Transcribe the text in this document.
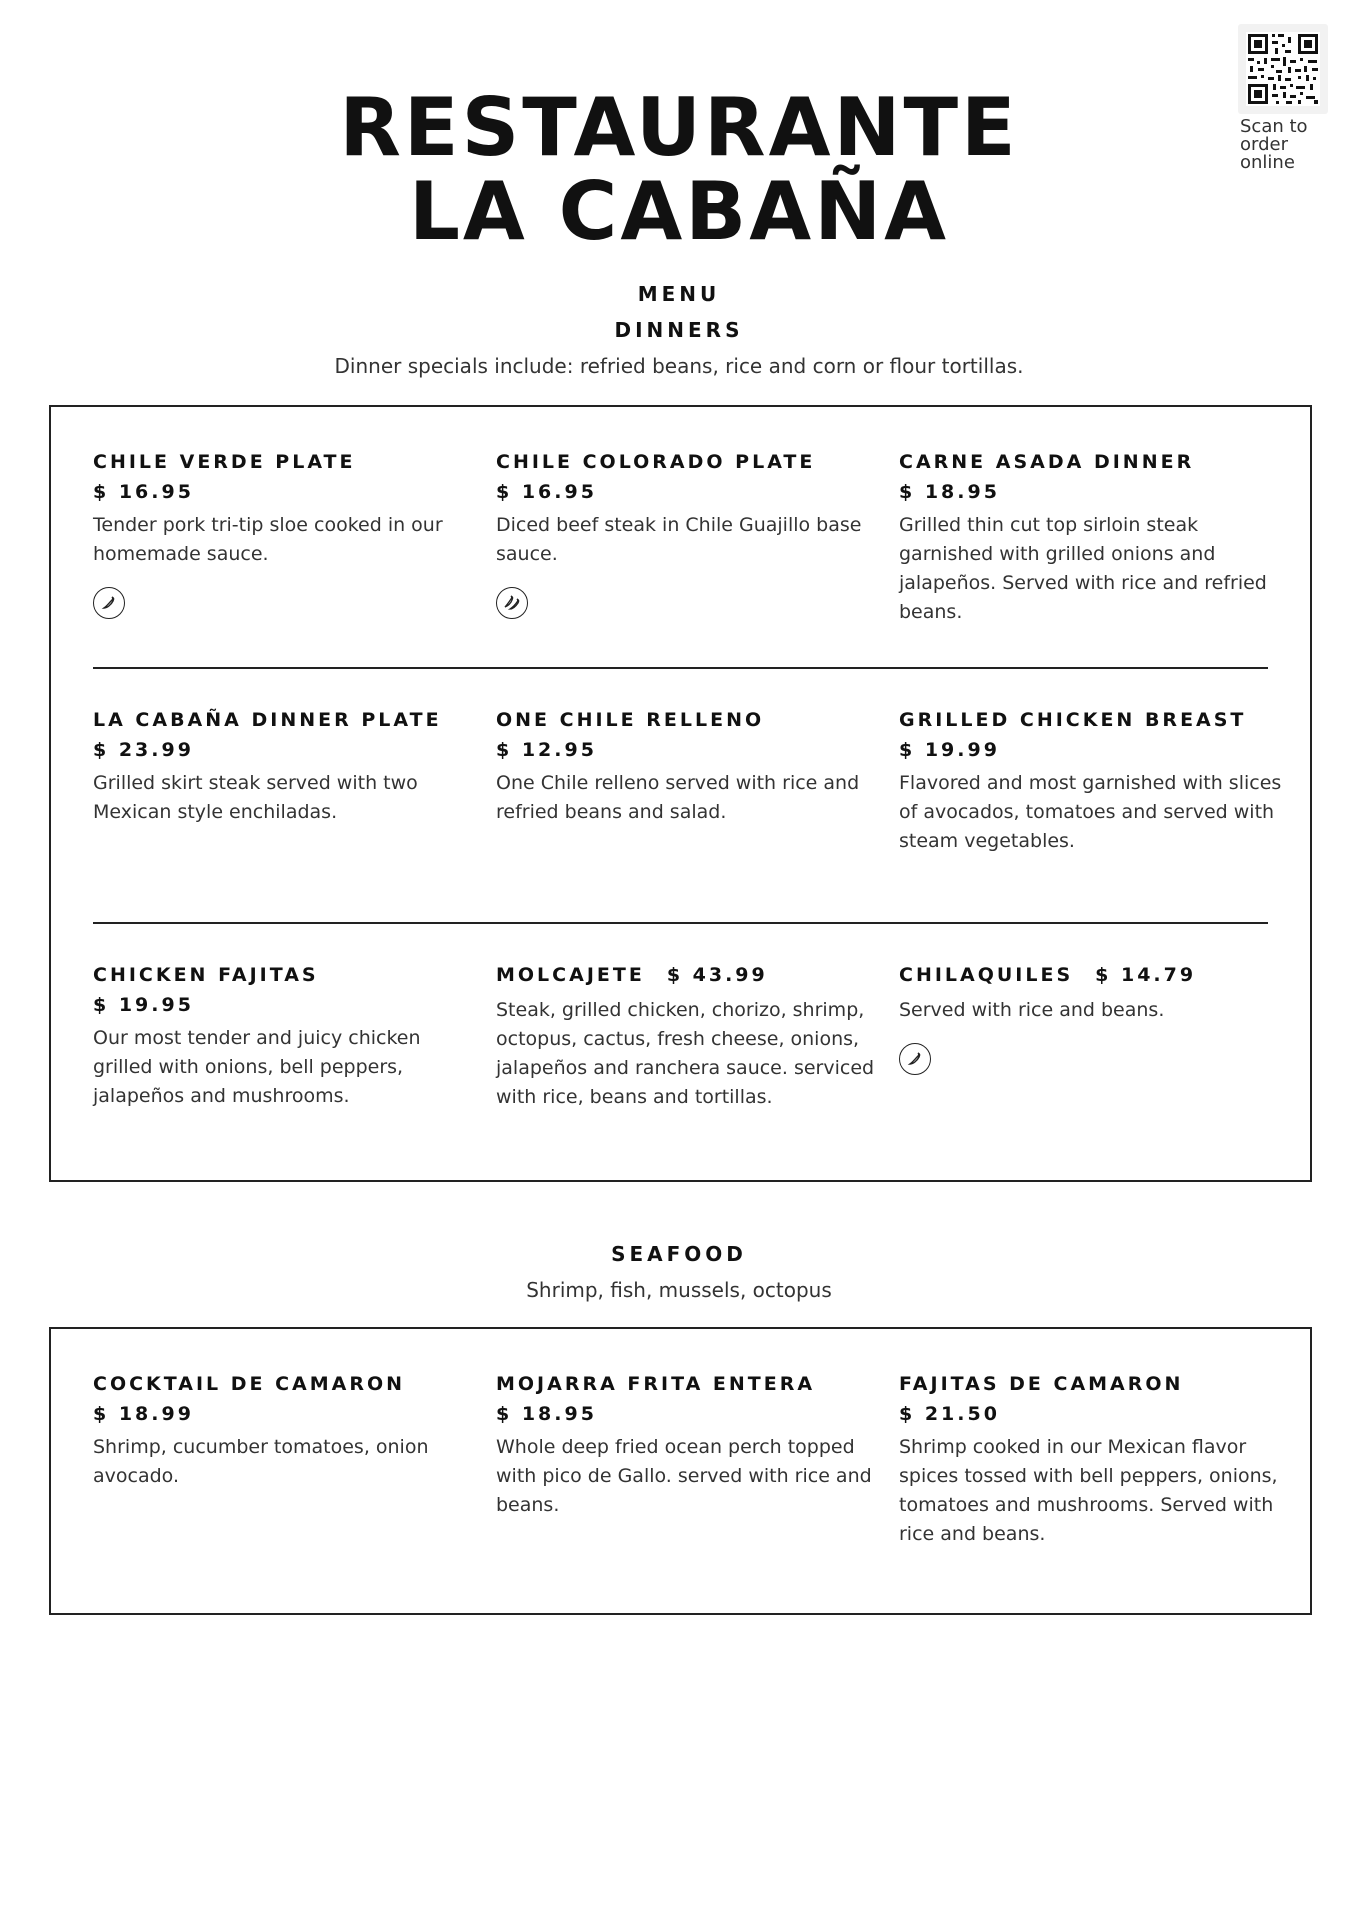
Scan to
order
online
RESTAURANTE
LA CABAÑA
MENU
DINNERS
Dinner specials include: refried beans, rice and corn or flour tortillas.
CHILE VERDE PLATE
$ 16.95
Tender pork tri-tip sloe cooked in our homemade sauce.
CHILE COLORADO PLATE
$ 16.95
Diced beef steak in Chile Guajillo base sauce.
CARNE ASADA DINNER
$ 18.95
Grilled thin cut top sirloin steak garnished with grilled onions and jalapeños. Served with rice and refried beans.
LA CABAÑA DINNER PLATE
$ 23.99
Grilled skirt steak served with two Mexican style enchiladas.
ONE CHILE RELLENO
$ 12.95
One Chile relleno served with rice and refried beans and salad.
GRILLED CHICKEN BREAST
$ 19.99
Flavored and most garnished with slices of avocados, tomatoes and served with steam vegetables.
CHICKEN FAJITAS
$ 19.95
Our most tender and juicy chicken grilled with onions, bell peppers, jalapeños and mushrooms.
MOLCAJETE $ 43.99
Steak, grilled chicken, chorizo, shrimp, octopus, cactus, fresh cheese, onions, jalapeños and ranchera sauce. serviced with rice, beans and tortillas.
CHILAQUILES $ 14.79
Served with rice and beans.
SEAFOOD
Shrimp, fish, mussels, octopus
COCKTAIL DE CAMARON
$ 18.99
Shrimp, cucumber tomatoes, onion avocado.
MOJARRA FRITA ENTERA
$ 18.95
Whole deep fried ocean perch topped with pico de Gallo. served with rice and beans.
FAJITAS DE CAMARON
$ 21.50
Shrimp cooked in our Mexican flavor spices tossed with bell peppers, onions, tomatoes and mushrooms. Served with rice and beans.
